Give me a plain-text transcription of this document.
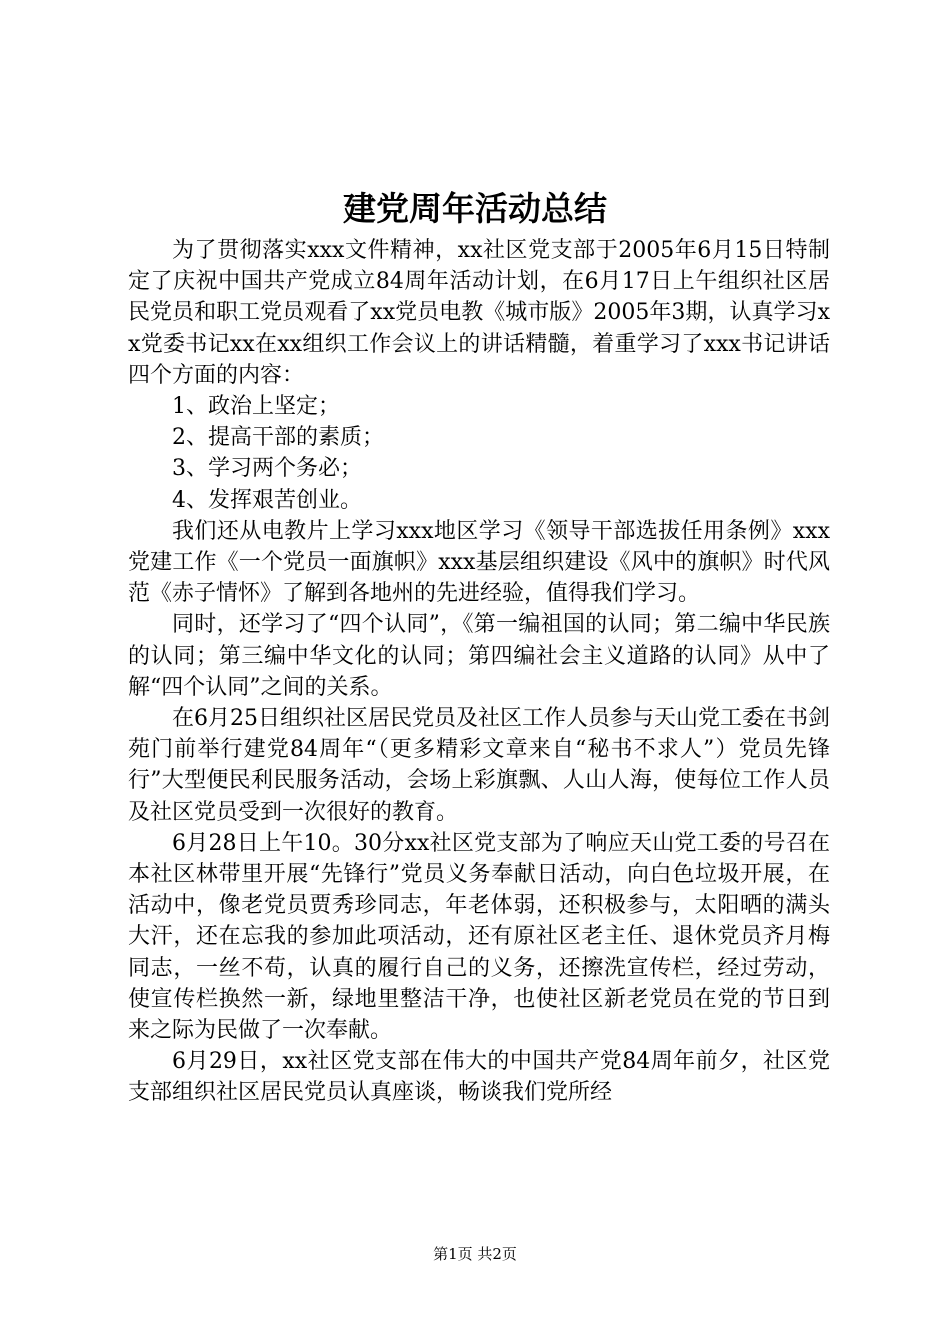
建党周年活动总结

为了贯彻落实xxx文件精神，xx社区党支部于2005年6月15日特制定了庆祝中国共产党成立84周年活动计划，在6月17日上午组织社区居民党员和职工党员观看了xx党员电教《城市版》2005年3期，认真学习xx党委书记xx在xx组织工作会议上的讲话精髓，着重学习了xxx书记讲话四个方面的内容：

1、政治上坚定；

2、提高干部的素质；

3、学习两个务必；

4、发挥艰苦创业。

我们还从电教片上学习xxx地区学习《领导干部选拔任用条例》xxx党建工作《一个党员一面旗帜》xxx基层组织建设《风中的旗帜》时代风范《赤子情怀》了解到各地州的先进经验，值得我们学习。

同时，还学习了“四个认同”，《第一编祖国的认同；第二编中华民族的认同；第三编中华文化的认同；第四编社会主义道路的认同》从中了解“四个认同”之间的关系。

在6月25日组织社区居民党员及社区工作人员参与天山党工委在书剑苑门前举行建党84周年“（更多精彩文章来自“秘书不求人”）党员先锋行”大型便民利民服务活动，会场上彩旗飘、人山人海，使每位工作人员及社区党员受到一次很好的教育。

6月28日上午10。30分xx社区党支部为了响应天山党工委的号召在本社区林带里开展“先锋行”党员义务奉献日活动，向白色垃圾开展，在活动中，像老党员贾秀珍同志，年老体弱，还积极参与，太阳晒的满头大汗，还在忘我的参加此项活动，还有原社区老主任、退休党员齐月梅同志，一丝不苟，认真的履行自己的义务，还擦洗宣传栏，经过劳动，使宣传栏换然一新，绿地里整洁干净，也使社区新老党员在党的节日到来之际为民做了一次奉献。

6月29日，xx社区党支部在伟大的中国共产党84周年前夕，社区党支部组织社区居民党员认真座谈，畅谈我们党所经

第1页 共2页
